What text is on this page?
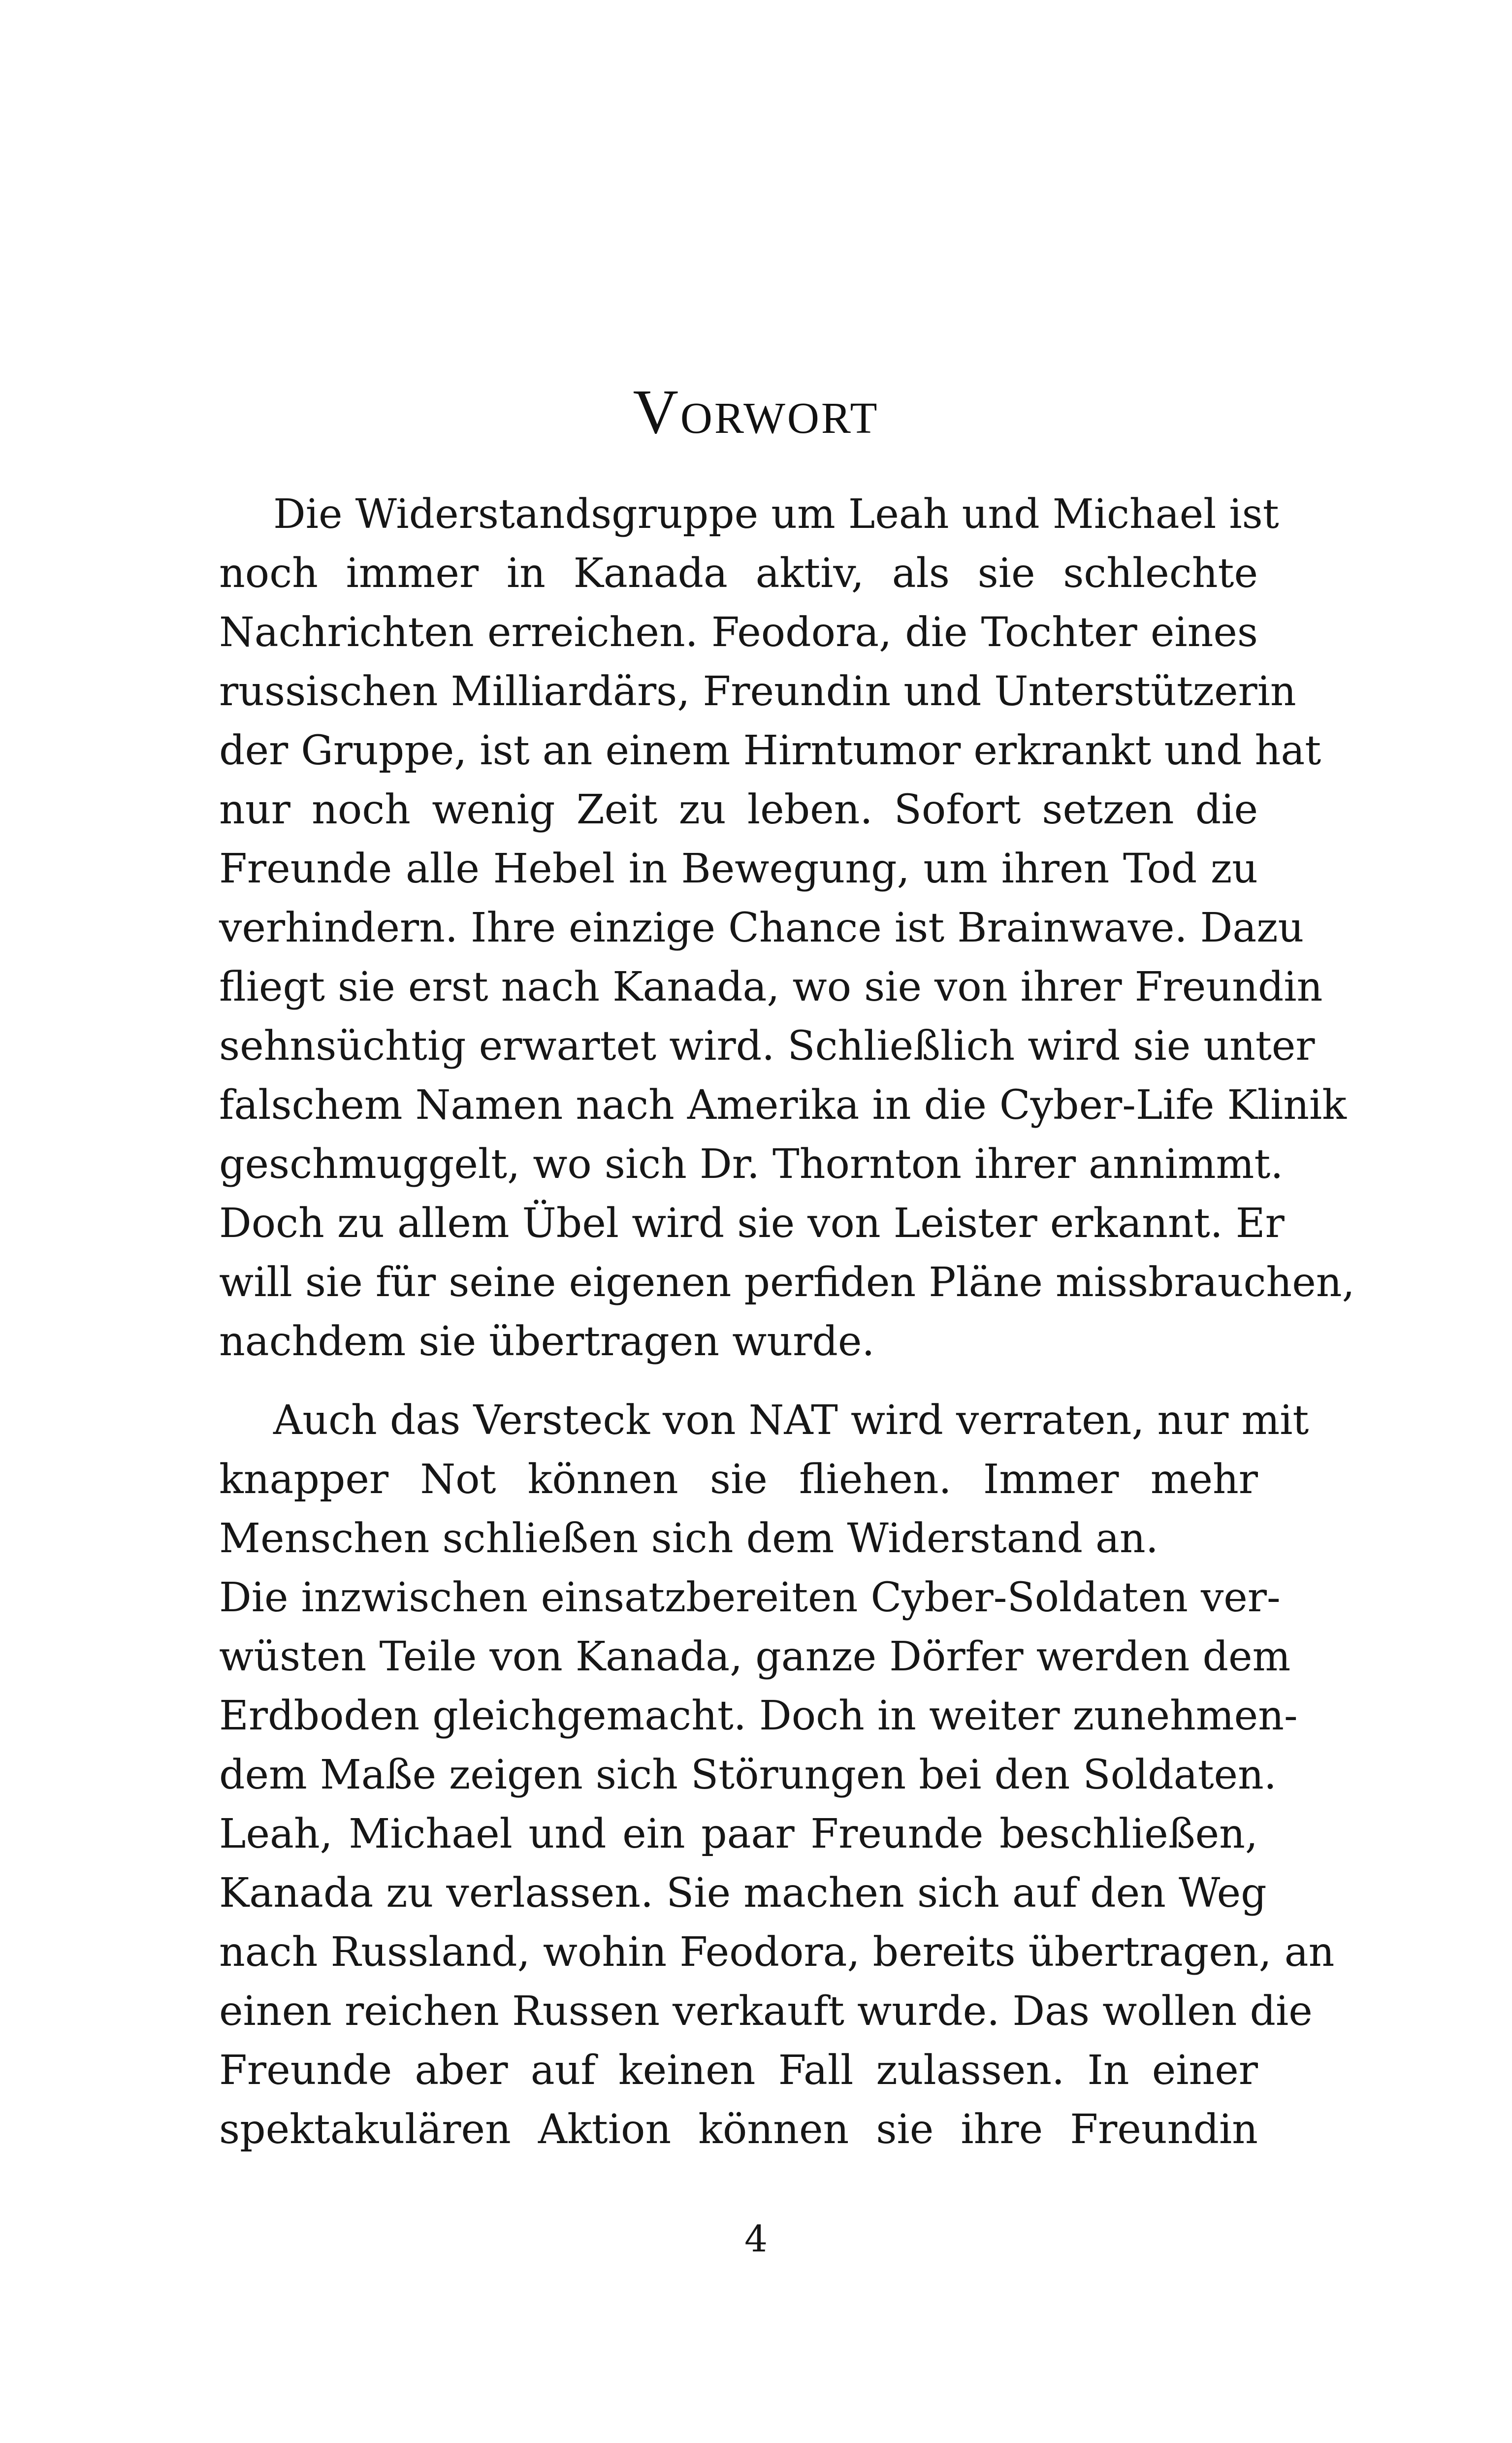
Vorwort
Die Widerstandsgruppe um Leah und Michael ist
noch immer in Kanada aktiv, als sie schlechte
Nachrichten erreichen. Feodora, die Tochter eines
russischen Milliardärs, Freundin und Unterstützerin
der Gruppe, ist an einem Hirntumor erkrankt und hat
nur noch wenig Zeit zu leben. Sofort setzen die
Freunde alle Hebel in Bewegung, um ihren Tod zu
verhindern. Ihre einzige Chance ist Brainwave. Dazu
fliegt sie erst nach Kanada, wo sie von ihrer Freundin
sehnsüchtig erwartet wird. Schließlich wird sie unter
falschem Namen nach Amerika in die Cyber-Life Klinik
geschmuggelt, wo sich Dr. Thornton ihrer annimmt.
Doch zu allem Übel wird sie von Leister erkannt. Er
will sie für seine eigenen perfiden Pläne missbrauchen,
nachdem sie übertragen wurde.
Auch das Versteck von NAT wird verraten, nur mit
knapper Not können sie fliehen. Immer mehr
Menschen schließen sich dem Widerstand an.
Die inzwischen einsatzbereiten Cyber-Soldaten ver-
wüsten Teile von Kanada, ganze Dörfer werden dem
Erdboden gleichgemacht. Doch in weiter zunehmen-
dem Maße zeigen sich Störungen bei den Soldaten.
Leah, Michael und ein paar Freunde beschließen,
Kanada zu verlassen. Sie machen sich auf den Weg
nach Russland, wohin Feodora, bereits übertragen, an
einen reichen Russen verkauft wurde. Das wollen die
Freunde aber auf keinen Fall zulassen. In einer
spektakulären Aktion können sie ihre Freundin
4
